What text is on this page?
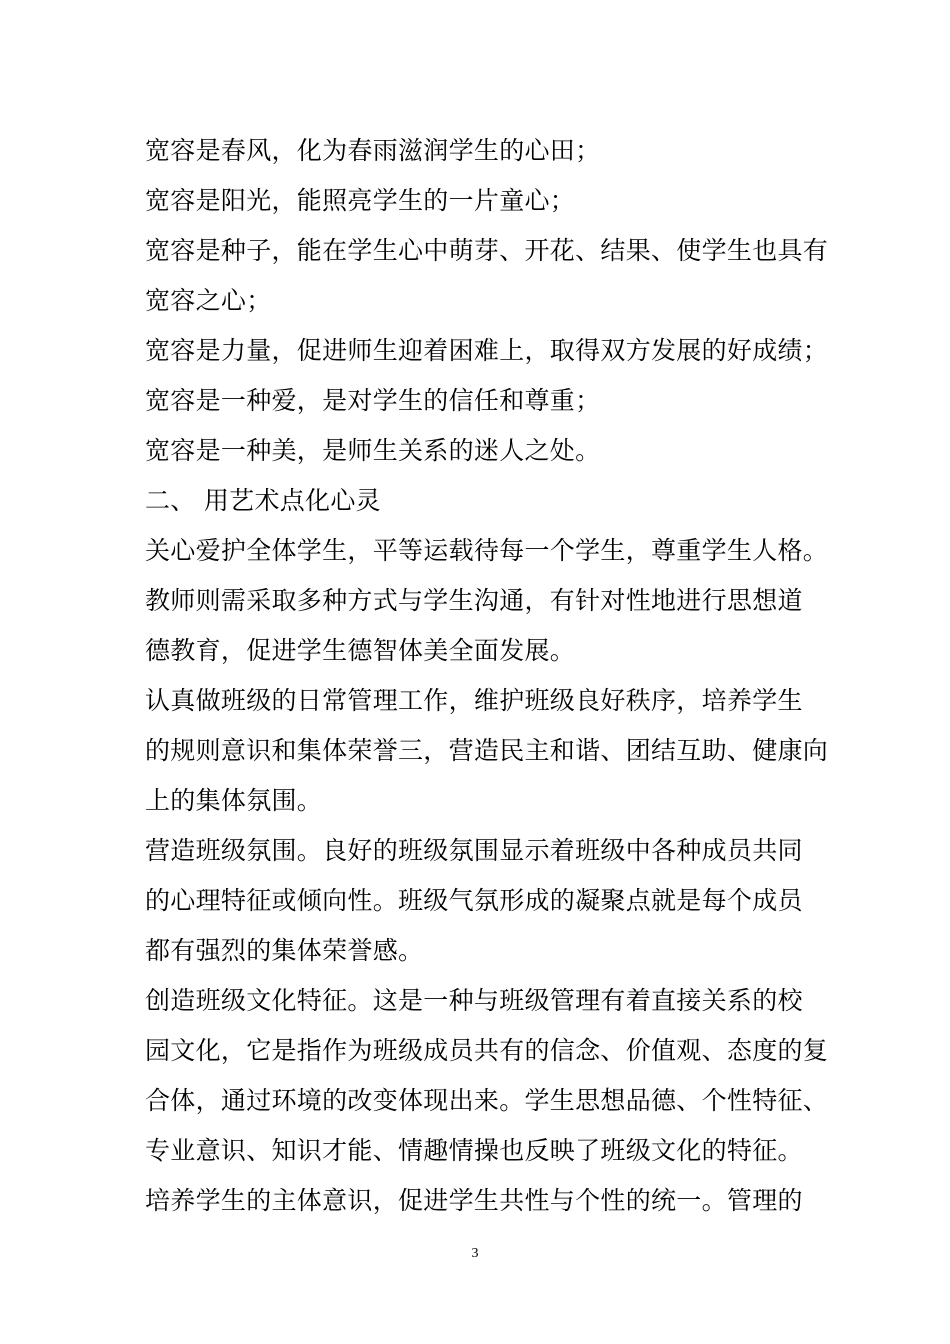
宽容是春风，化为春雨滋润学生的心田；
宽容是阳光，能照亮学生的一片童心；
宽容是种子，能在学生心中萌芽、开花、结果、使学生也具有
宽容之心；
宽容是力量，促进师生迎着困难上，取得双方发展的好成绩；
宽容是一种爱，是对学生的信任和尊重；
宽容是一种美，是师生关系的迷人之处。
二、 用艺术点化心灵
关心爱护全体学生，平等运载待每一个学生，尊重学生人格。
教师则需采取多种方式与学生沟通，有针对性地进行思想道
德教育，促进学生德智体美全面发展。
认真做班级的日常管理工作，维护班级良好秩序，培养学生
的规则意识和集体荣誉三，营造民主和谐、团结互助、健康向
上的集体氛围。
营造班级氛围。良好的班级氛围显示着班级中各种成员共同
的心理特征或倾向性。班级气氛形成的凝聚点就是每个成员
都有强烈的集体荣誉感。
创造班级文化特征。这是一种与班级管理有着直接关系的校
园文化，它是指作为班级成员共有的信念、价值观、态度的复
合体，通过环境的改变体现出来。学生思想品德、个性特征、
专业意识、知识才能、情趣情操也反映了班级文化的特征。
培养学生的主体意识，促进学生共性与个性的统一。管理的
3
